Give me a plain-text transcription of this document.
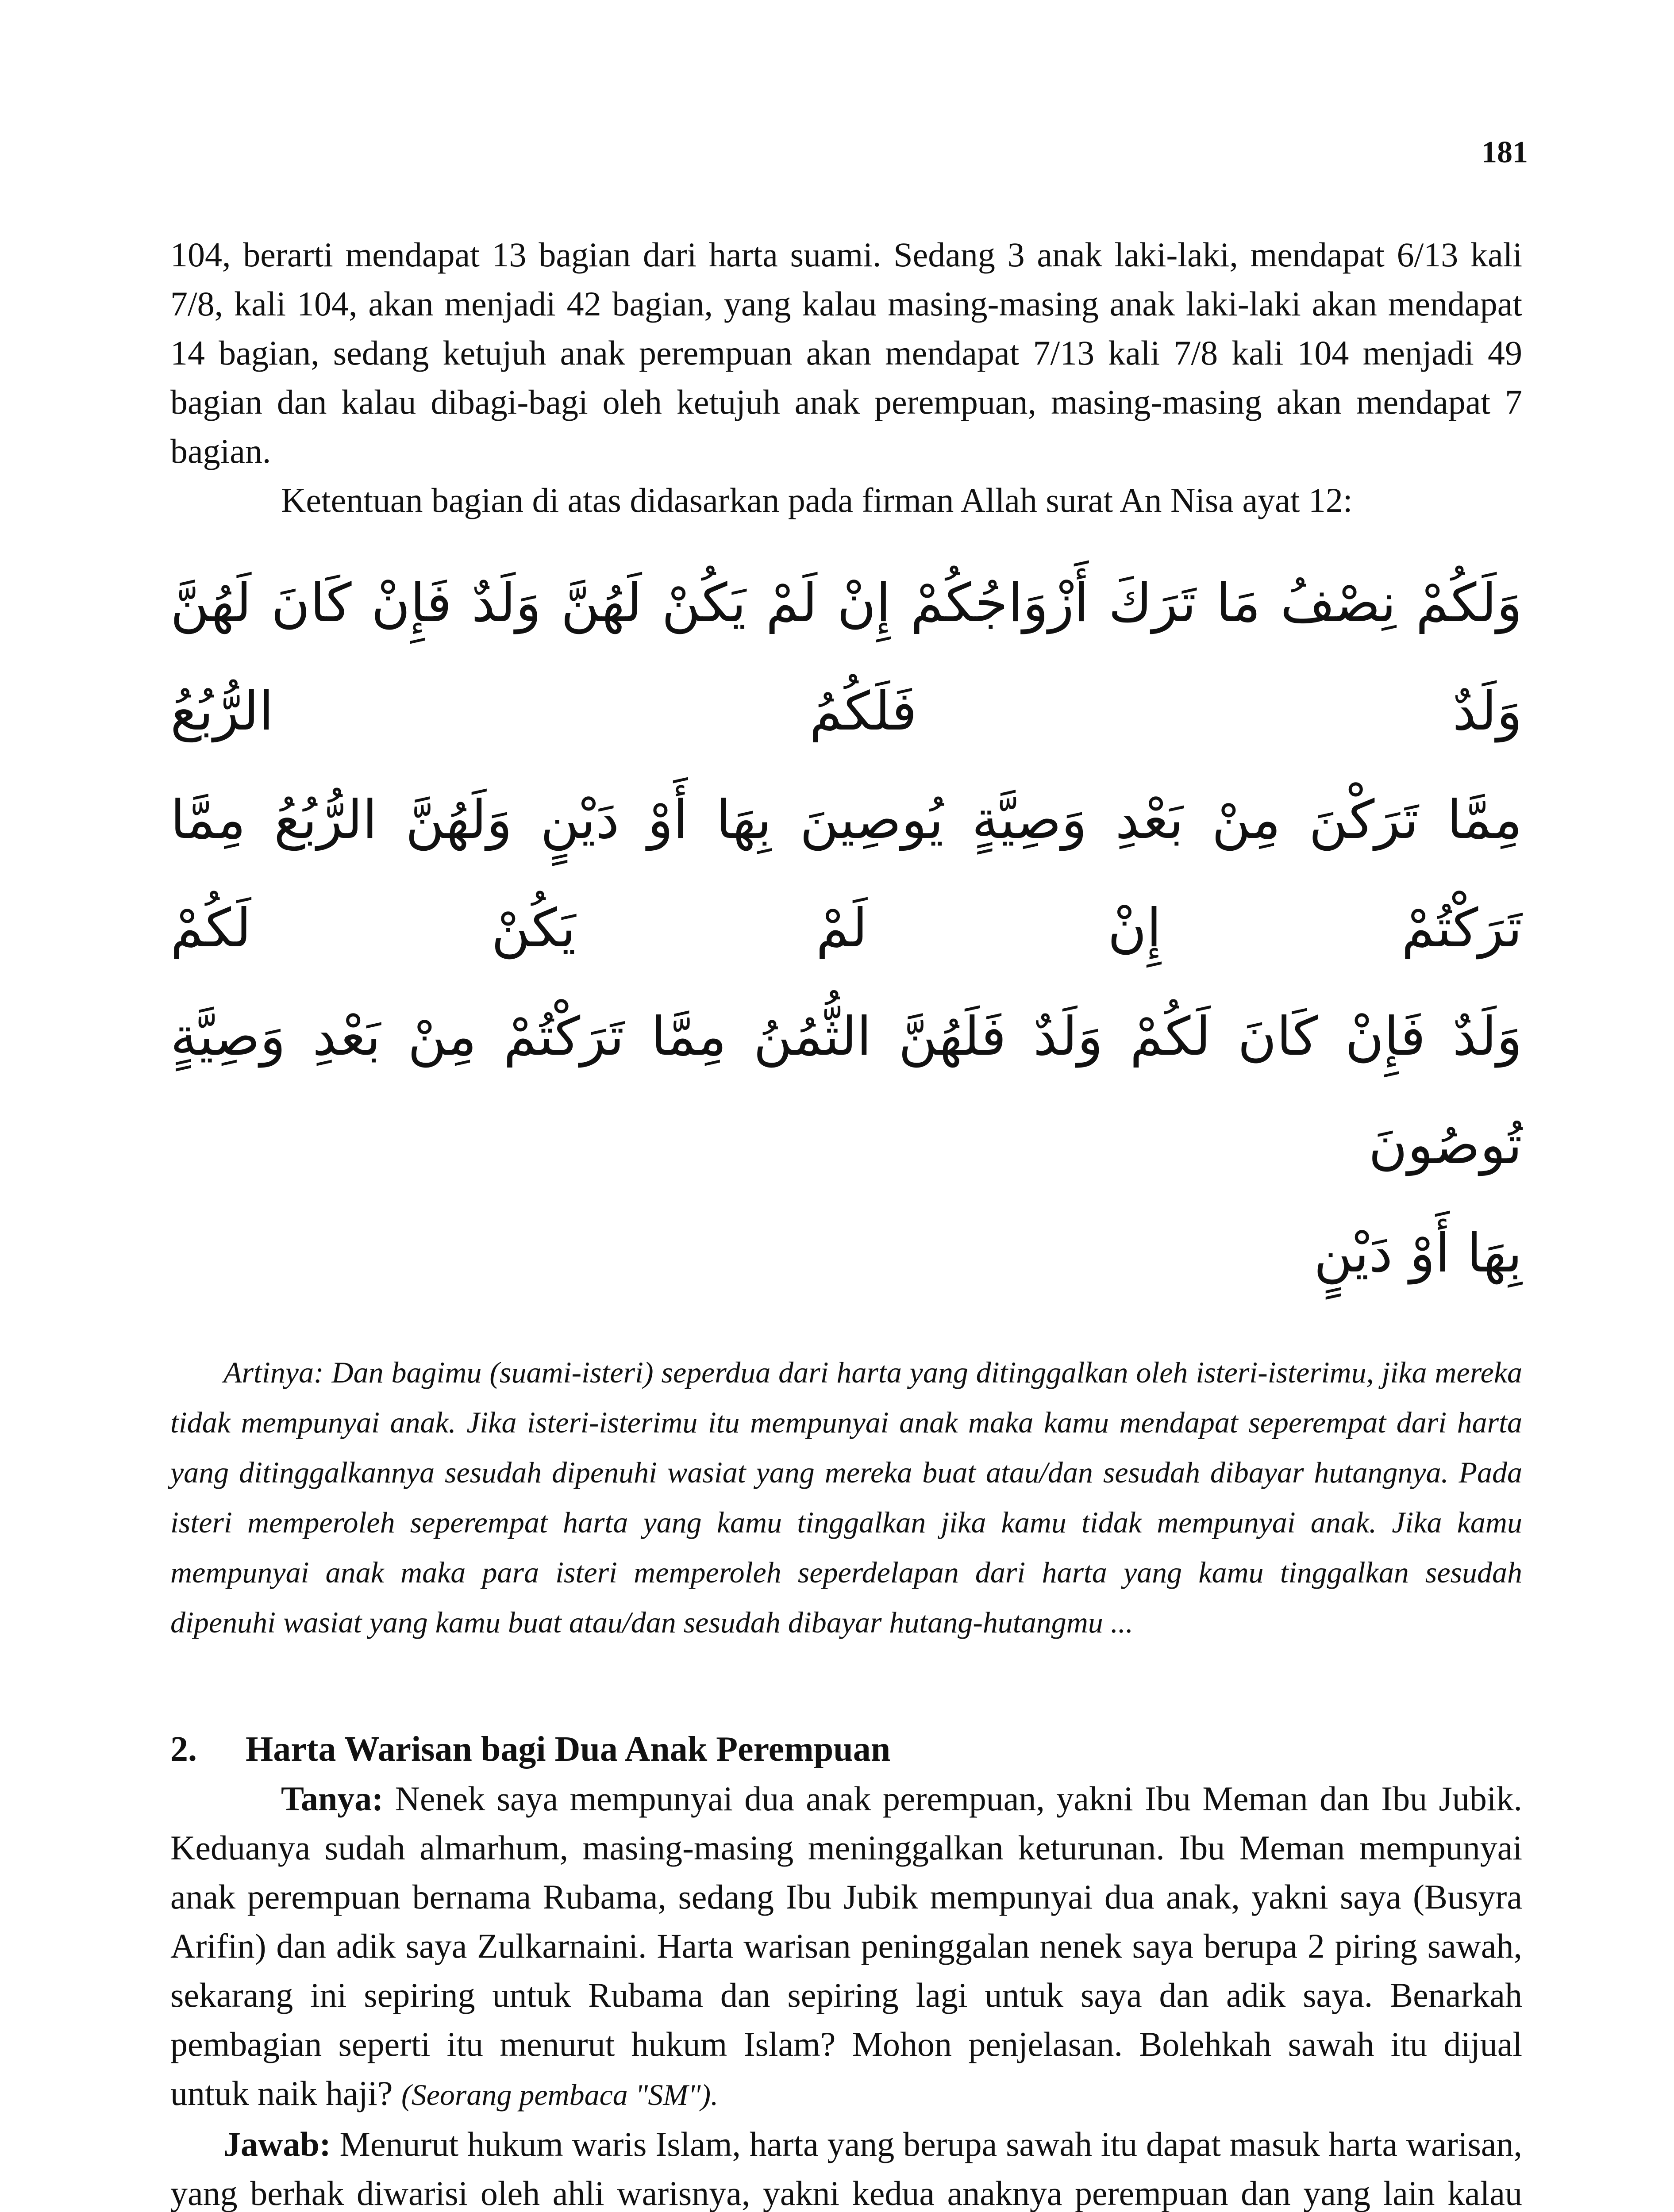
181

104, berarti mendapat 13 bagian dari harta suami. Sedang 3 anak laki-laki, mendapat 6/13 kali 7/8, kali 104, akan menjadi 42 bagian, yang kalau masing-masing anak laki-laki akan mendapat 14 bagian, sedang ketujuh anak perempuan akan mendapat 7/13 kali 7/8 kali 104 menjadi 49 bagian dan kalau dibagi-bagi oleh ketujuh anak perempuan, masing-masing akan mendapat 7 bagian.

Ketentuan bagian di atas didasarkan pada firman Allah surat An Nisa ayat 12:

وَلَكُمْ نِصْفُ مَا تَرَكَ أَزْوَاجُكُمْ إِنْ لَمْ يَكُنْ لَهُنَّ وَلَدٌ فَإِنْ كَانَ لَهُنَّ وَلَدٌ فَلَكُمُ الرُّبُعُ

مِمَّا تَرَكْنَ مِنْ بَعْدِ وَصِيَّةٍ يُوصِينَ بِهَا أَوْ دَيْنٍ وَلَهُنَّ الرُّبُعُ مِمَّا تَرَكْتُمْ إِنْ لَمْ يَكُنْ لَكُمْ

وَلَدٌ فَإِنْ كَانَ لَكُمْ وَلَدٌ فَلَهُنَّ الثُّمُنُ مِمَّا تَرَكْتُمْ مِنْ بَعْدِ وَصِيَّةٍ تُوصُونَ

بِهَا أَوْ دَيْنٍ

Artinya: Dan bagimu (suami-isteri) seperdua dari harta yang ditinggalkan oleh isteri-isterimu, jika mereka tidak mempunyai anak. Jika isteri-isterimu itu mempunyai anak maka kamu mendapat seperempat dari harta yang ditinggalkannya sesudah dipenuhi wasiat yang mereka buat atau/dan sesudah dibayar hutangnya. Pada isteri memperoleh seperempat harta yang kamu tinggalkan jika kamu tidak mempunyai anak. Jika kamu mempunyai anak maka para isteri memperoleh seperdelapan dari harta yang kamu tinggalkan sesudah dipenuhi wasiat yang kamu buat atau/dan sesudah dibayar hutang-hutangmu ...

2. Harta Warisan bagi Dua Anak Perempuan

Tanya: Nenek saya mempunyai dua anak perempuan, yakni Ibu Meman dan Ibu Jubik. Keduanya sudah almarhum, masing-masing meninggalkan keturunan. Ibu Meman mempunyai anak perempuan bernama Rubama, sedang Ibu Jubik mempunyai dua anak, yakni saya (Busyra Arifin) dan adik saya Zulkarnaini. Harta warisan peninggalan nenek saya berupa 2 piring sawah, sekarang ini sepiring untuk Rubama dan sepiring lagi untuk saya dan adik saya. Benarkah pembagian seperti itu menurut hukum Islam? Mohon penjelasan. Bolehkah sawah itu dijual untuk naik haji? (Seorang pembaca "SM").

Jawab: Menurut hukum waris Islam, harta yang berupa sawah itu dapat masuk harta warisan, yang berhak diwarisi oleh ahli warisnya, yakni kedua anaknya perempuan dan yang lain kalau
